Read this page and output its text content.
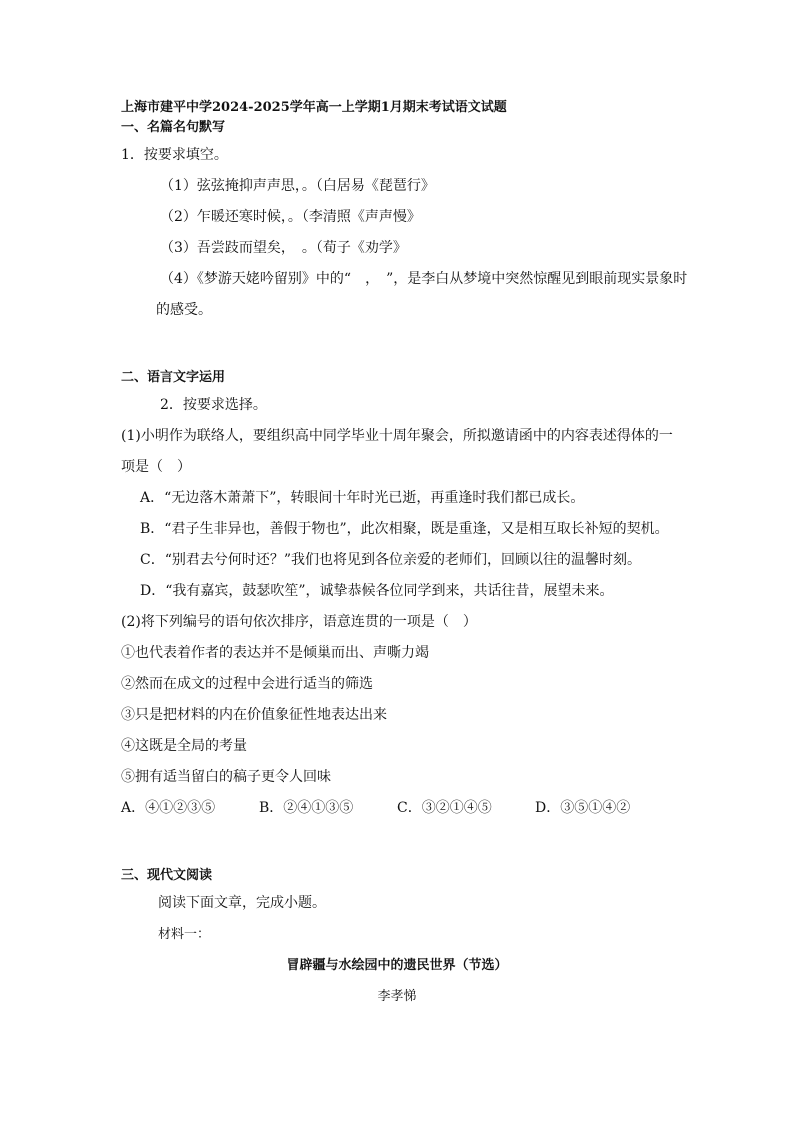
上海市建平中学2024-2025学年高一上学期1月期末考试语文试题
一、名篇名句默写
1．按要求填空。
（1）弦弦掩抑声声思，。（白居易《琵琶行》
（2）乍暖还寒时候，。（李清照《声声慢》
（3）吾尝跂而望矣，　。（荀子《劝学》
（4）《梦游天姥吟留别》中的“　，　”，是李白从梦境中突然惊醒见到眼前现实景象时
的感受。
二、语言文字运用
2．按要求选择。
(1)小明作为联络人，要组织高中同学毕业十周年聚会，所拟邀请函中的内容表述得体的一
项是（　）
A．“无边落木萧萧下”，转眼间十年时光已逝，再重逢时我们都已成长。
B．“君子生非异也，善假于物也”，此次相聚，既是重逢，又是相互取长补短的契机。
C．“别君去兮何时还？”我们也将见到各位亲爱的老师们，回顾以往的温馨时刻。
D．“我有嘉宾，鼓瑟吹笙”，诚挚恭候各位同学到来，共话往昔，展望未来。
(2)将下列编号的语句依次排序，语意连贯的一项是（　）
①也代表着作者的表达并不是倾巢而出、声嘶力竭
②然而在成文的过程中会进行适当的筛选
③只是把材料的内在价值象征性地表达出来
④这既是全局的考量
⑤拥有适当留白的稿子更令人回味
A．④①②③⑤	B．②④①③⑤	C．③②①④⑤	D．③⑤①④②
三、现代文阅读
阅读下面文章，完成小题。
材料一：
冒辟疆与水绘园中的遗民世界（节选）
李孝悌
